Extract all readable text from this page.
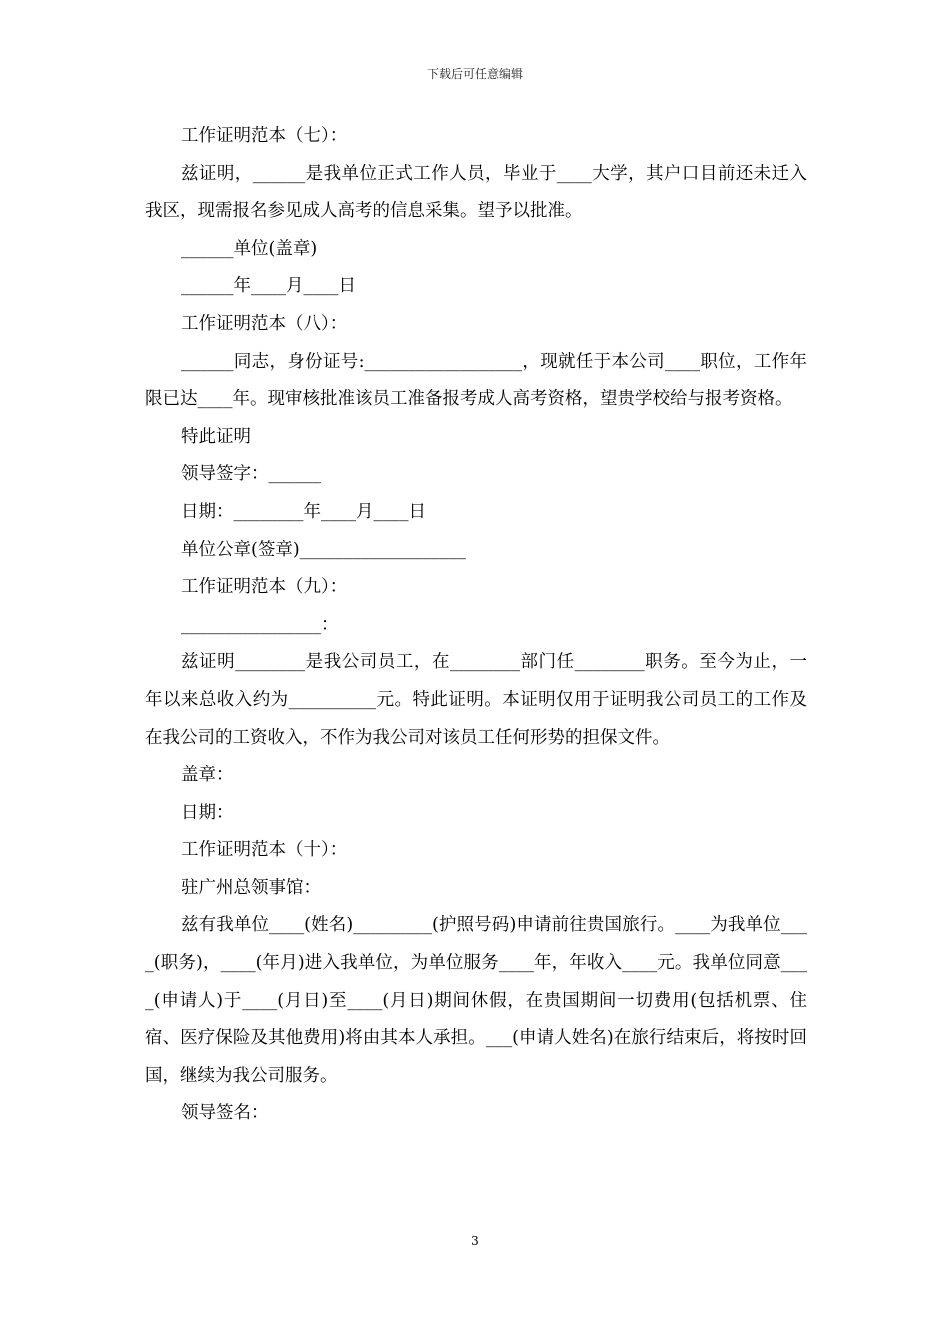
下载后可任意编辑

工作证明范本（七）：

兹证明，______是我单位正式工作人员，毕业于____大学，其户口目前还未迁入我区，现需报名参见成人高考的信息采集。望予以批准。

______单位(盖章)

______年____月____日

工作证明范本（八）：

______同志，身份证号:__________________，现就任于本公司____职位，工作年限已达____年。现审核批准该员工准备报考成人高考资格，望贵学校给与报考资格。

特此证明

领导签字：______

日期：________年____月____日

单位公章(签章)___________________

工作证明范本（九）：

________________：

兹证明________是我公司员工，在________部门任________职务。至今为止，一年以来总收入约为__________元。特此证明。本证明仅用于证明我公司员工的工作及在我公司的工资收入，不作为我公司对该员工任何形势的担保文件。

盖章：

日期：

工作证明范本（十）：

驻广州总领事馆：

兹有我单位____(姓名)_________(护照号码)申请前往贵国旅行。____为我单位____(职务)，____(年月)进入我单位，为单位服务____年，年收入____元。我单位同意____(申请人)于____(月日)至____(月日)期间休假，在贵国期间一切费用(包括机票、住宿、医疗保险及其他费用)将由其本人承担。___(申请人姓名)在旅行结束后，将按时回国，继续为我公司服务。

领导签名：

3
